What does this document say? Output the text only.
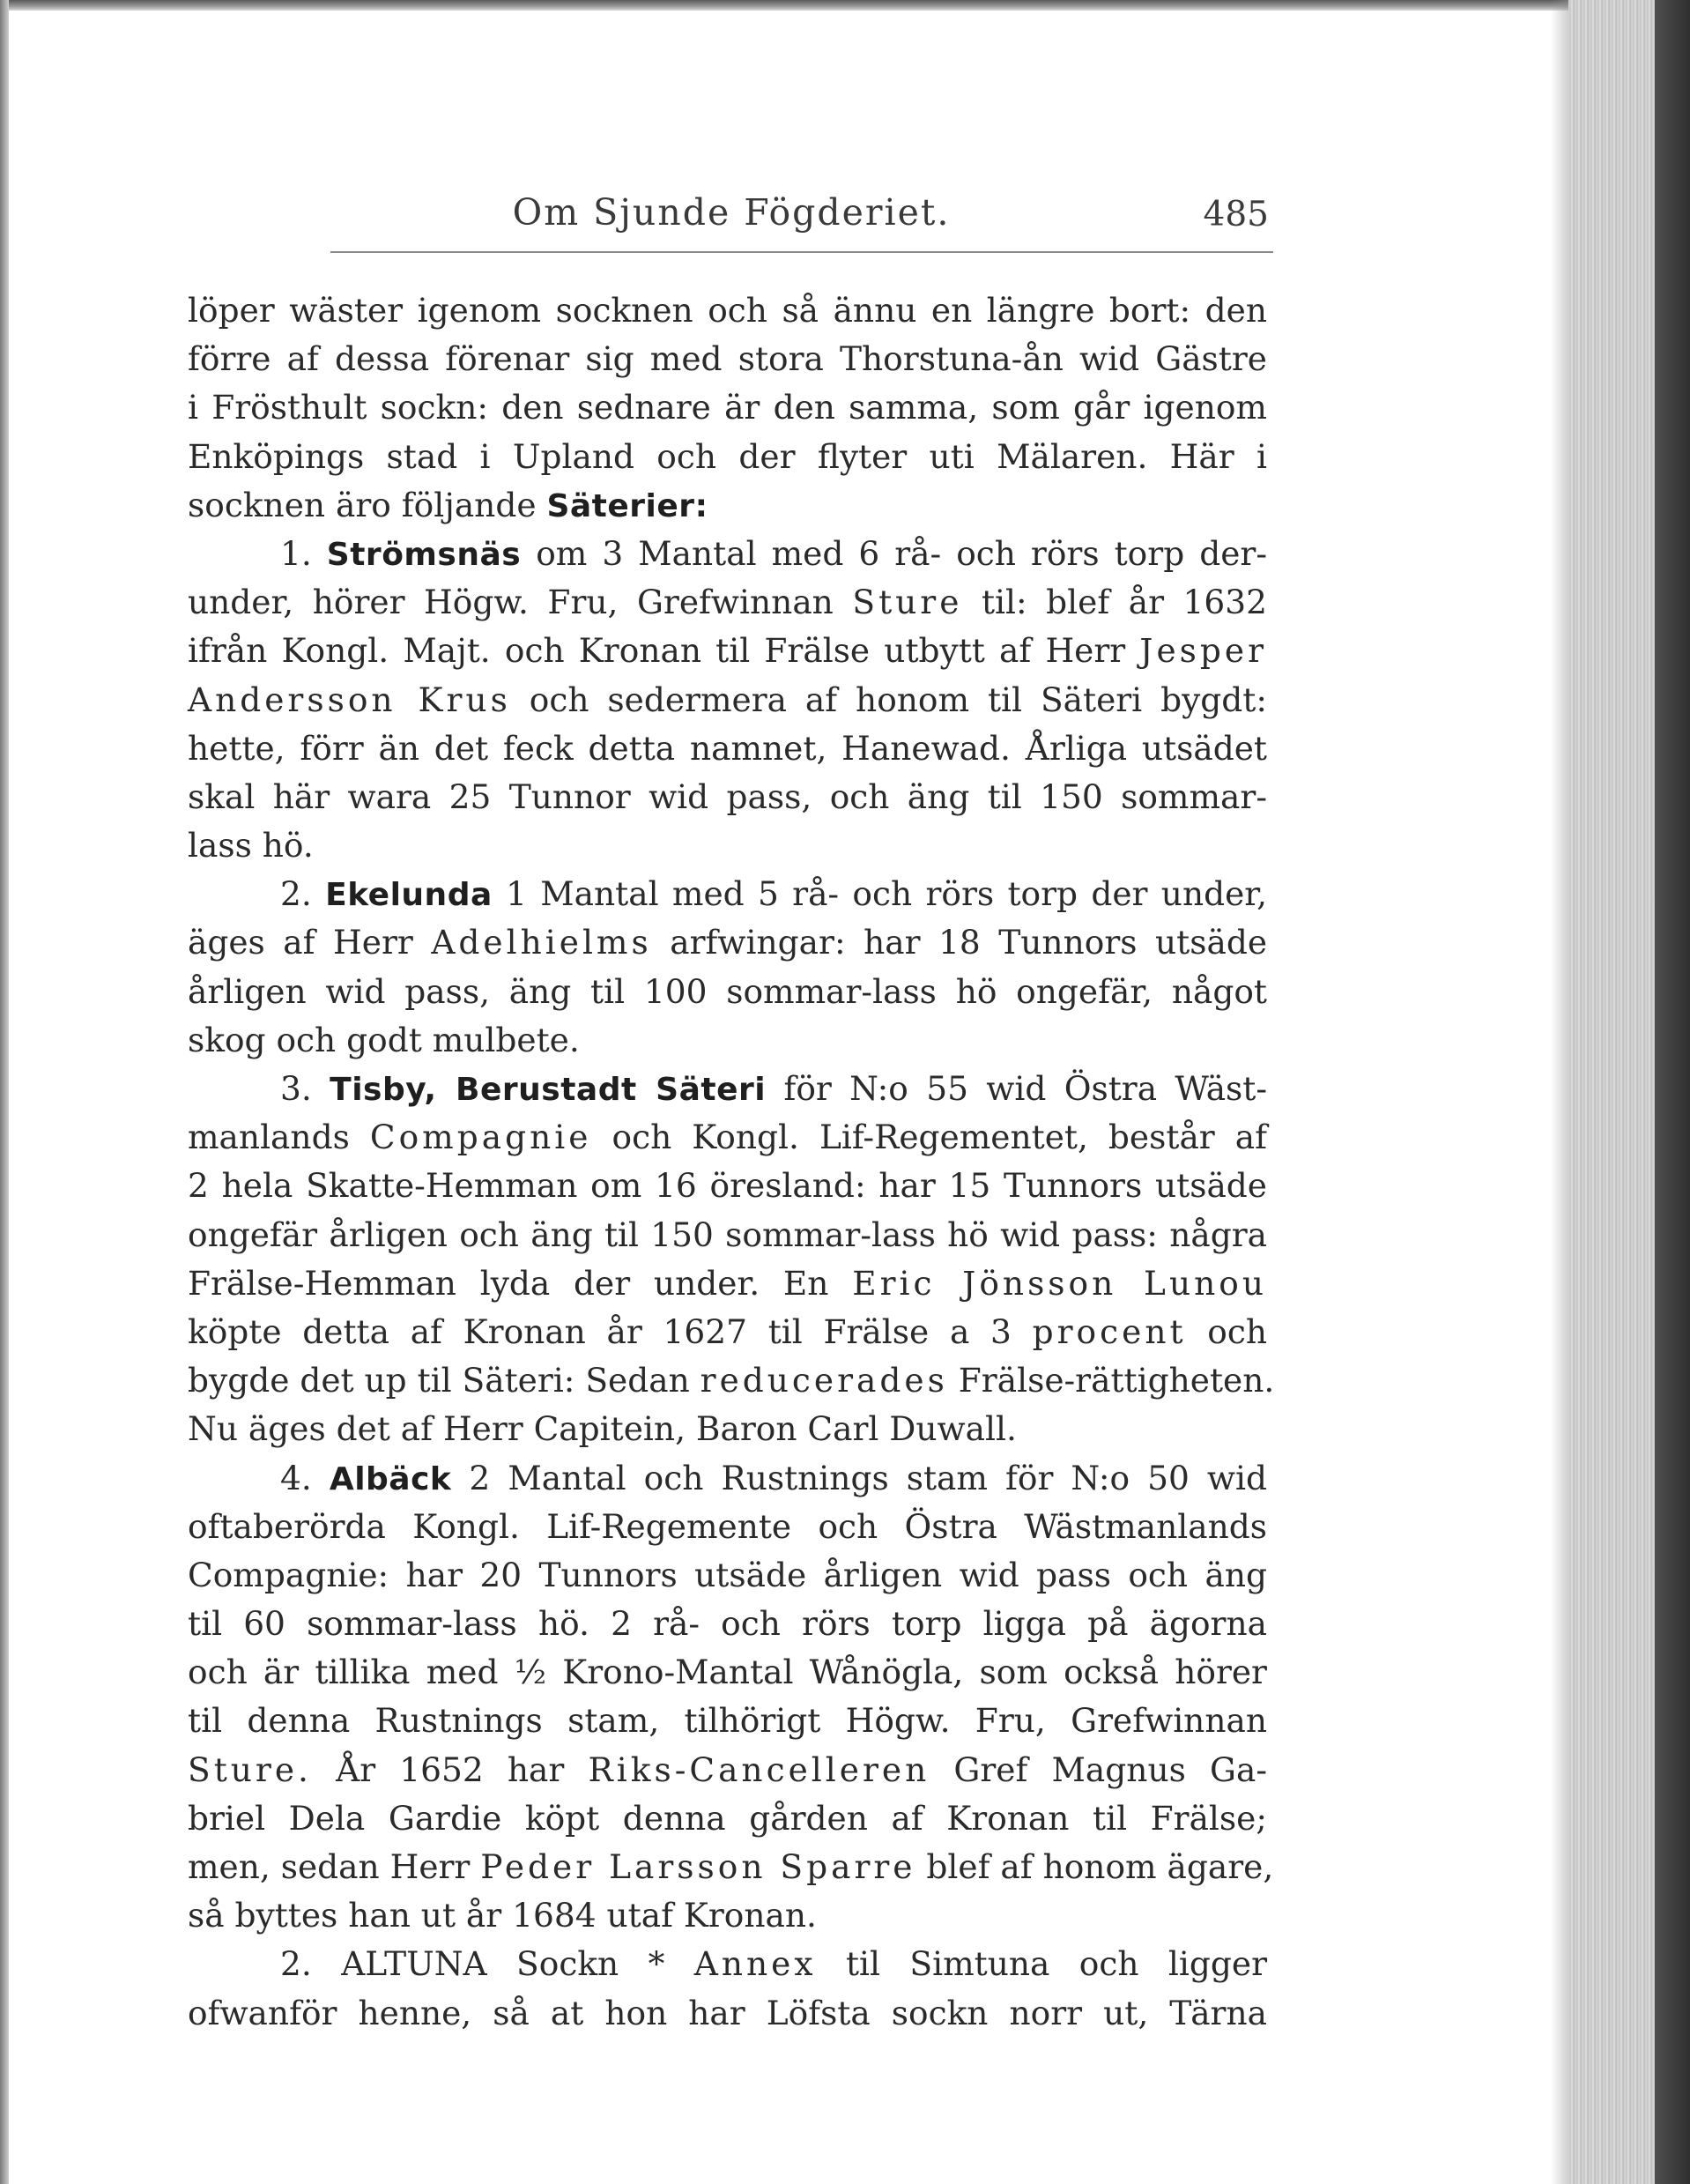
Om Sjunde Fögderiet.	485
löper wäster igenom socknen och så ännu en längre bort: den
förre af dessa förenar sig med stora Thorstuna-ån wid Gästre
i Frösthult sockn: den sednare är den samma, som går igenom
Enköpings stad i Upland och der flyter uti Mälaren. Här i
socknen äro följande Säterier:
1. Strömsnäs om 3 Mantal med 6 rå- och rörs torp der-
under, hörer Högw. Fru, Grefwinnan Sture til: blef år 1632
ifrån Kongl. Majt. och Kronan til Frälse utbytt af Herr Jesper
Andersson Krus och sedermera af honom til Säteri bygdt:
hette, förr än det feck detta namnet, Hanewad. Årliga utsädet
skal här wara 25 Tunnor wid pass, och äng til 150 sommar-
lass hö.
2. Ekelunda 1 Mantal med 5 rå- och rörs torp der under,
äges af Herr Adelhielms arfwingar: har 18 Tunnors utsäde
årligen wid pass, äng til 100 sommar-lass hö ongefär, något
skog och godt mulbete.
3. Tisby, Berustadt Säteri för N:o 55 wid Östra Wäst-
manlands Compagnie och Kongl. Lif-Regementet, består af
2 hela Skatte-Hemman om 16 öresland: har 15 Tunnors utsäde
ongefär årligen och äng til 150 sommar-lass hö wid pass: några
Frälse-Hemman lyda der under. En Eric Jönsson Lunou
köpte detta af Kronan år 1627 til Frälse a 3 procent och
bygde det up til Säteri: Sedan reducerades Frälse-rättigheten.
Nu äges det af Herr Capitein, Baron Carl Duwall.
4. Albäck 2 Mantal och Rustnings stam för N:o 50 wid
oftaberörda Kongl. Lif-Regemente och Östra Wästmanlands
Compagnie: har 20 Tunnors utsäde årligen wid pass och äng
til 60 sommar-lass hö. 2 rå- och rörs torp ligga på ägorna
och är tillika med ½ Krono-Mantal Wånögla, som också hörer
til denna Rustnings stam, tilhörigt Högw. Fru, Grefwinnan
Sture. År 1652 har Riks-Cancelleren Gref Magnus Ga-
briel Dela Gardie köpt denna gården af Kronan til Frälse;
men, sedan Herr Peder Larsson Sparre blef af honom ägare,
så byttes han ut år 1684 utaf Kronan.
2. ALTUNA Sockn * Annex til Simtuna och ligger
ofwanför henne, så at hon har Löfsta sockn norr ut, Tärna
